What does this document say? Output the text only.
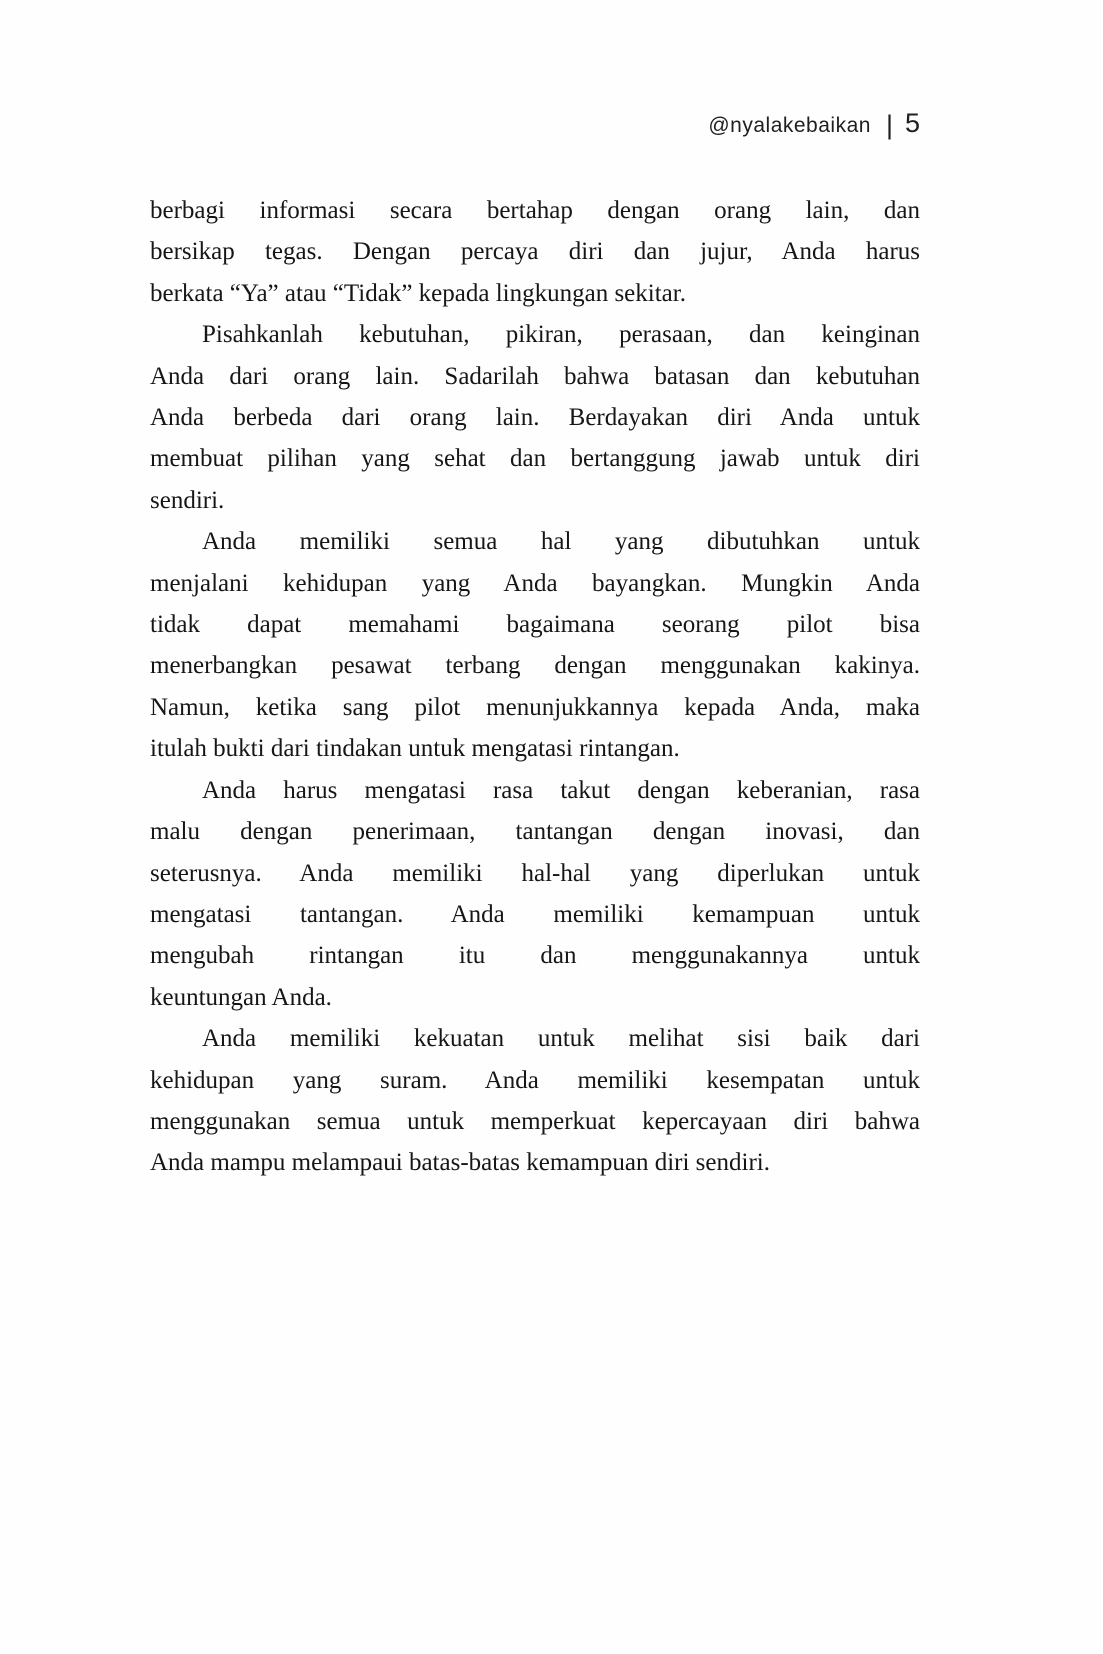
@nyalakebaikan | 5

berbagi informasi secara bertahap dengan orang lain, dan
bersikap tegas. Dengan percaya diri dan jujur, Anda harus
berkata “Ya” atau “Tidak” kepada lingkungan sekitar.

Pisahkanlah kebutuhan, pikiran, perasaan, dan keinginan
Anda dari orang lain. Sadarilah bahwa batasan dan kebutuhan
Anda berbeda dari orang lain. Berdayakan diri Anda untuk
membuat pilihan yang sehat dan bertanggung jawab untuk diri
sendiri.

Anda memiliki semua hal yang dibutuhkan untuk
menjalani kehidupan yang Anda bayangkan. Mungkin Anda
tidak dapat memahami bagaimana seorang pilot bisa
menerbangkan pesawat terbang dengan menggunakan kakinya.
Namun, ketika sang pilot menunjukkannya kepada Anda, maka
itulah bukti dari tindakan untuk mengatasi rintangan.

Anda harus mengatasi rasa takut dengan keberanian, rasa
malu dengan penerimaan, tantangan dengan inovasi, dan
seterusnya. Anda memiliki hal-hal yang diperlukan untuk
mengatasi tantangan. Anda memiliki kemampuan untuk
mengubah rintangan itu dan menggunakannya untuk
keuntungan Anda.

Anda memiliki kekuatan untuk melihat sisi baik dari
kehidupan yang suram. Anda memiliki kesempatan untuk
menggunakan semua untuk memperkuat kepercayaan diri bahwa
Anda mampu melampaui batas-batas kemampuan diri sendiri.
